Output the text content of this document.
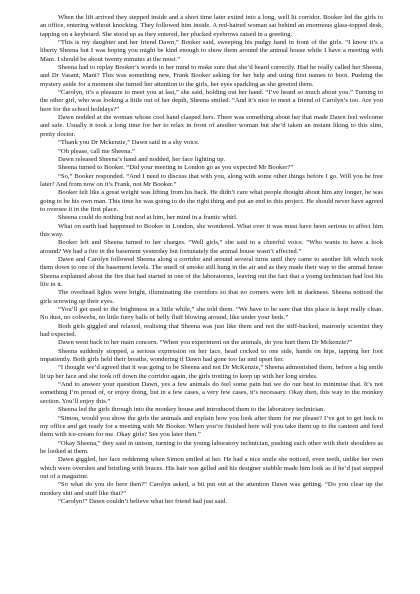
When the lift arrived they stepped inside and a short time later exited into a long, well lit corridor. Booker led the girls to an office, entering without knocking. They followed him inside. A red-haired woman sat behind an enormous glass-topped desk, tapping on a keyboard. She stood up as they entered, her plucked eyebrows raised in a greeting.

“This is my daughter and her friend Dawn,” Booker said, sweeping his pudgy hand in front of the girls. “I know it’s a liberty Sheena but I was hoping you might be kind enough to show them around the animal house while I have a meeting with Mani. I should be about twenty minutes at the most.”

Sheena had to replay Booker’s words in her mind to make sure that she’d heard correctly. Had he really called her Sheena, and Dr Vasant, Mani? This was something new, Frank Booker asking for her help and using first names to boot. Pushing the mystery aside for a moment she turned her attention to the girls, her eyes sparkling as she greeted them.

“Carolyn, it’s a pleasure to meet you at last,” she said, holding out her hand. “I’ve heard so much about you.” Turning to the other girl, who was looking a little out of her depth, Sheena smiled. “And it’s nice to meet a friend of Carolyn’s too. Are you here for the school holidays?”

Dawn nodded at the woman whose cool hand clasped hers. There was something about her that made Dawn feel welcome and safe. Usually it took a long time for her to relax in front of another woman but she’d taken an instant liking to this slim, pretty doctor.

“Thank you Dr Mckenzie,” Dawn said in a shy voice.

“Oh please, call me Sheena.”

Dawn released Sheena’s hand and nodded, her face lighting up.

Sheena turned to Booker. “Did your meeting in London go as you expected Mr Booker?”

“So,” Booker responded. “And I need to discuss that with you, along with some other things before I go. Will you be free later? And from now on it’s Frank, not Mr Booker.”

Booker felt like a great weight was lifting from his back. He didn’t care what people thought about him any longer, he was going to be his own man. This time he was going to do the right thing and put an end to this project. He should never have agreed to oversee it in the first place.

Sheena could do nothing but nod at him, her mind in a frantic whirl.

What on earth had happened to Booker in London, she wondered. What ever it was must have been serious to affect him this way.

Booker left and Sheena turned to her charges. “Well girls,” she said in a cheerful voice. “Who wants to have a look around? We had a fire in the basement yesterday but fortunately the animal house wasn’t affected.”

Dawn and Carolyn followed Sheena along a corridor and around several turns until they came to another lift which took them down to one of the basement levels. The smell of smoke still hung in the air and as they made their way to the animal house Sheena explained about the fire that had started in one of the laboratories, leaving out the fact that a young technician had lost his life in it.

The overhead lights were bright, illuminating the corridors so that no corners were left in darkness. Sheena noticed the girls screwing up their eyes.

“You’ll get used to the brightness in a little while,” she told them. “We have to be sure that this place is kept really clean. No dust, no cobwebs, no little furry balls of belly fluff blowing around, like under your beds.”

Both girls giggled and relaxed, realising that Sheena was just like them and not the stiff-backed, matronly scientist they had expected.

Dawn went back to her main concern. “When you experiment on the animals, do you hurt them Dr Mckenzie?”

Sheena suddenly stopped, a serious expression on her face, head cocked to one side, hands on hips, tapping her foot impatiently. Both girls held their breaths, wondering if Dawn had gone too far and upset her.

“I thought we’d agreed that it was going to be Sheena and not Dr McKenzie,” Sheena admonished them, before a big smile lit up her face and she took off down the corridor again, the girls trotting to keep up with her long strides.

“And to answer your question Dawn, yes a few animals do feel some pain but we do our best to minimise that. It’s not something I’m proud of, or enjoy doing, but in a few cases, a very few cases, it’s necessary. Okay then, this way to the monkey section. You’ll enjoy this.”

Sheena led the girls through into the monkey house and introduced them to the laboratory technician.

“Simon, would you show the girls the animals and explain how you look after them for me please? I’ve got to get back to my office and get ready for a meeting with Mr Booker. When you’re finished here will you take them up to the canteen and feed them with ice-cream for me. Okay girls? See you later then.”

“Okay Sheena,” they said in unison, turning to the young laboratory technician, pushing each other with their shoulders as he looked at them.

Dawn giggled, her face reddening when Simon smiled at her. He had a nice smile she noticed, even teeth, unlike her own which were overshot and bristling with braces. His hair was gelled and his designer stubble made him look as if he’d just stepped out of a magazine.

“So what do you do here then?” Carolyn asked, a bit put out at the attention Dawn was getting. “Do you clear up the monkey shit and stuff like that?”

“Carolyn!” Dawn couldn’t believe what her friend had just said.
